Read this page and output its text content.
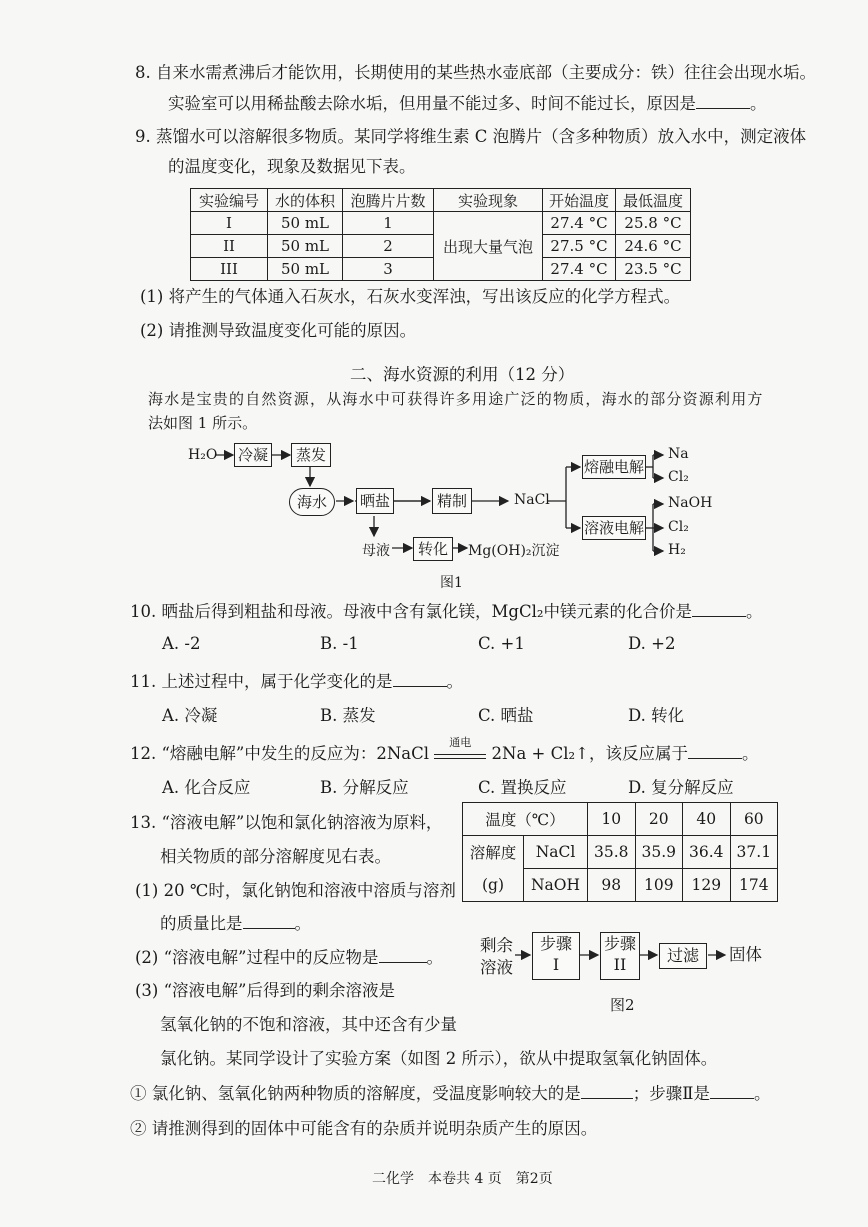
8. 自来水需煮沸后才能饮用，长期使用的某些热水壶底部（主要成分：铁）往往会出现水垢。
实验室可以用稀盐酸去除水垢，但用量不能过多、时间不能过长，原因是	。
9. 蒸馏水可以溶解很多物质。某同学将维生素 C 泡腾片（含多种物质）放入水中，测定液体
的温度变化，现象及数据见下表。
实验编号	水的体积	泡腾片片数	实验现象	开始温度	最低温度
I	50 mL	1	出现大量气泡	27.4 °C	25.8 °C
II	50 mL	2		27.5 °C	24.6 °C
III	50 mL	3		27.4 °C	23.5 °C
(1) 将产生的气体通入石灰水，石灰水变浑浊，写出该反应的化学方程式。
(2) 请推测导致温度变化可能的原因。
二、海水资源的利用（12 分）
海水是宝贵的自然资源，从海水中可获得许多用途广泛的物质，海水的部分资源利用方
法如图 1 所示。
H₂O 冷凝	蒸发
海水	晒盐	精制	NaCl
熔融电解
溶液电解
Na
Cl₂
NaOH
Cl₂
H₂
母液	转化	Mg(OH)₂沉淀
图1
10. 晒盐后得到粗盐和母液。母液中含有氯化镁，MgCl₂中镁元素的化合价是	。
A. -2	B. -1	C. +1	D. +2
11. 上述过程中，属于化学变化的是	。
A. 冷凝	B. 蒸发	C. 晒盐	D. 转化
12. “熔融电解”中发生的反应为：2NaCl
通电
2Na + Cl₂↑，该反应属于	。
A. 化合反应	B. 分解反应	C. 置换反应	D. 复分解反应
13. “溶液电解”以饱和氯化钠溶液为原料，
相关物质的部分溶解度见右表。
(1) 20 ℃时，氯化钠饱和溶液中溶质与溶剂
的质量比是	。
(2) “溶液电解”过程中的反应物是	。
(3) “溶液电解”后得到的剩余溶液是
氢氧化钠的不饱和溶液，其中还含有少量
氯化钠。某同学设计了实验方案（如图 2 所示），欲从中提取氢氧化钠固体。
① 氯化钠、氢氧化钠两种物质的溶解度，受温度影响较大的是	；步骤Ⅱ是	。
② 请推测得到的固体中可能含有的杂质并说明杂质产生的原因。
温度（℃）		10	20	40	60

溶解度
(g)	NaCl	35.8	35.9	36.4	37.1
	NaOH	98	109	129	174
剩余
溶液
步骤
I
步骤
II	过滤	固体
图2
二化学　本卷共 4 页　第2页
